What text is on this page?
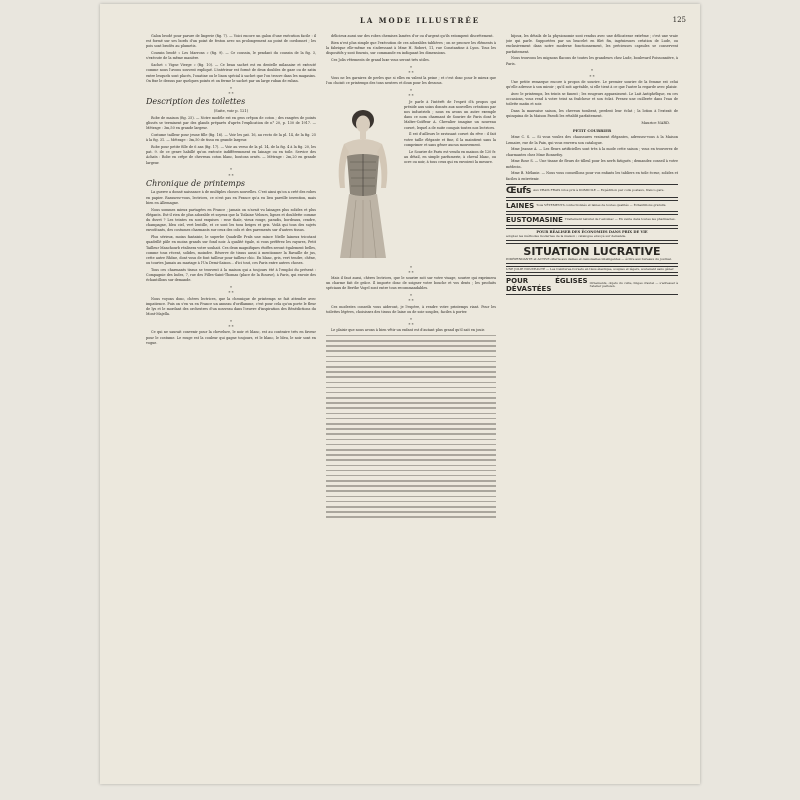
LA MODE ILLUSTRÉE	125

Galon brodé pour parure de lingerie (fig. 7). — Voici encore un galon d'une exécution facile : il est formé sur ses bords d'un point de feston avec un prolongement au point de cordonnet ; les pois sont brodés au plumetis.

Coussin brodé « Les Marrons » (fig. 9). — Ce coussin, le pendant du coussin de la fig. 3, s'exécute de la même manière.

Sachet « Vigne Vierge » (fig. 10). — Ce beau sachet est en dentelle milanaise et exécuté comme nous l'avons souvent expliqué. L'intérieur est formé de deux doubles de gaze ou de satin entre lesquels sont placés, l'ouatine ou le linon spécial à sachet que l'on trouve dans les magasins. On fixe le dessus par quelques points et on ferme le sachet par un large ruban de ruban.

*
* *

Description des toilettes

(Suite, voir p. 121)

Robe de maison (fig. 25). — Notre modèle est en gros crêpon de coton ; des rangées de points glissés se terminent par des glands préparés d'après l'explication de n° 20, p. 130 de 1917. — Métrage : 3m,50 en grande largeur.

Costume tailleur pour jeune fille (fig. 16). — Voir les pat. 16, au recto de la pl. 14, de la fig. 25 à la fig. 31. — Métrage : 3m,50 de tissu en grande largeur.

Robe pour petite fille de 6 ans (fig. 17). — Voir au verso de la pl. 14, de la fig. 4 à la fig. 20, les pat. 9. de ce genre habillé qu'on exécute indifféremment en lainage ou en toile. Service des Achats : Robe en crêpe de chevreau coton blanc, boutons ornés. — Métrage : 2m,20 en grande largeur.

*
* *

Chronique de printemps

La guerre a donné naissance à de multiples choses nouvelles. C'est ainsi qu'on a créé des robes en papier. Rassurez-vous, lectrices, ce n'est pas en France qu'a eu lieu pareille invention, mais bien en Allemagne.

Nous sommes mieux partagées en France ; jamais on n'avait vu lainages plus solides et plus élégants. Est-il rien de plus adorable et soyeux que la Toilaine Velours, lignes et doublette comme du duvet ? Les teintes en sont exquises : rose thaïe, vieux rouge, paradis, bordeaux, cendre, champagne, bleu ciel, vert lentille, et ce sont les tons beiges et gris. Voilà qui tous des sujets envoûtants, des costumes charmants sur ceux des cols et des parements sur d'autres tissus.

Plus sérieux, moins fantaisie, le superbe Quadrille Fraîs une mince Nielle laineux tricotant quadrillé pâle en moins grands sur fond noir. À qualité égale, si vous préférez les rayures, Petit Tailleur Manchourb réalisera votre souhait. Ces deux magnifiques étoffes seront également belles, comme tous récent, solides, moindre. Réserve de tissus aussi à mentionner la Ravaille de jus, cette autre Rhône, dont vous de font tailleur pour tailleur chic. En blanc, gris, vert tendre, chêne, ou tourtes Jamais au mariage à l'Un Demi-Saison... d'ici tout, ces Paris entre autres choses.

Tous ces charmants tissus se trouvent à la maison qui a toujours été à l'emploi du présent : Compagnie des Indes, 7, rue des Filles-Saint-Thomas (place de la Bourse), à Paris, qui envoie des échantillons sur demande.

*
* *

Nous voyons donc, chères lectrices, que la chronique de printemps se fait attendre avec impatience. Puis on s'en va en France un anneau d'oriflamme, c'est pour cela qu'on porte le fleur de lys et le mordant des orchestres d'un nouveau dans l'œuvre d'inspiration des Bénédictions du Mont-Majella.

*
* *

Ce qui ne saurait convenir pour la chevelure, le noir et blanc, est au contraire très en faveur pour le costume. Le rouge est la couleur qui gagne toujours, et le blanc, le bleu, le noir sont en vogue.

délicieux aussi sur des robes chemises lamées d'or ou d'argent qu'ils estompent discrètement.

Bien n'est plus simple que l'exécution de ces adorables tablières ; on se procure les éléments à la fabrique elle-même en s'adressant à Mme H. Robert, 11, rue Constantine à Lyon. Tous les dispositifs y sont fournis, sur commande en indiquant les dimensions.

Ces Jolis vêtements de grand luxe vous seront très utiles.

*
* *

Vous ne les garnirez de perles que si elles en valent la peine ; et c'est donc pour le mieux que l'on choisit ce printemps des tons neutres et doux pour les dessous.

*
* *

Je parle à l'intérêt de l'esprit d'à propos qui préside aux soins donnés aux nouvelles créations par nos industriels ; nous en avons un autre exemple dans ce nom charmant de Sourire de Paris dont le Maître-Coiffeur A. Chevalier imagine un nouveau corset, lequel a de suite conquis toutes nos lectrices.

Il est d'ailleurs le ravissant corset du rêve : il fait votre taille élégante et fine, il la maintient sans la comprimer et sans gêner aucun mouvement.

Le Sourire de Paris est vendu en maison de 120 fr. au détail, en simple parfumerie, à cheval blanc, ou ocre ou noir, à tous ceux qui en envoient la mesure.

*
* *

Mais il faut aussi, chères lectrices, que le sourire soit sur votre visage, sourire qui exprimera un charme fait de grâce. Il importe donc de soigner votre bouche et vos dents ; les produits spéciaux de Berthe Vogel sont entre tous recommandables.

*
* *

Ces modestes conseils vous aideront, je l'espère, à rendre votre printemps riant. Pour les toilettes légères, choisissez des tissus de laine ou de soie souples, faciles à porter.

*
* *

Le plaisir que nous avons à bien vêtir un enfant est d'autant plus grand qu'il sait en jouir.

bijoux, les détails de la physionomie sont rendus avec une délicatesse extrême ; c'est une vraie joie qui parle. Supportées par un bracelet en filet fin, ingénieuses création de Lude, ou exclusivement dans notre moderne fonctionnement, les précieuses capsules se conservent parfaitement.

Nous trouvons les mignons flacons de toutes les grandeurs chez Lude, boulevard Poissonnière, à Paris.

*
* *

Une petite remarque encore à propos de sourire. Le premier sourire de la femme est celui qu'elle adresse à son miroir ; qu'il soit agréable, si elle tient à ce que l'autre la regarde avec plaisir.

Avec le printemps, les teints se fanent ; les rougeurs apparaissent. Le Lait Antiphélique, en ces occasions, vous rend à votre teint sa fraîcheur et son éclat. Prenez une cuillerée dans l'eau de toilette matin et soir.

Dans la mauvaise saison, les cheveux tombent, perdent leur éclat ; la lotion à l'extrait de quinquina de la Maison Parodi les rétablit parfaitement.

Maurice NARD.
PETIT COURRIER

Mme C. S. — Si vous voulez des chaussures vraiment élégantes, adressez-vous à la Maison Lemaire, rue de la Paix, qui vous enverra son catalogue.

Mme Jeanne A. — Les fleurs artificielles sont très à la mode cette saison ; vous en trouverez de charmantes chez Mme Bonnefoy.

Mme Rose S. — Une tisane de fleurs de tilleul pour les nerfs fatigués ; demandez conseil à votre médecin.

Mme B. Mélanie. — Nous vous conseillons pour vos enfants les tabliers en toile écrue, solides et faciles à entretenir.

Œufs Aux VRAIS FRAIS Gros prix à DOMICILE — Expédition par colis postaux, franco gare.
LAINES Tous VÊTEMENTS confectionnés et laines de toutes qualités — Échantillons gratuits.
EUSTOMASINE Traitement naturel de l'estomac — En vente dans toutes les pharmacies.
POUR RÉALISER DES ÉCONOMIES DANS PRIX DE VIE
adoptez les méthodes modernes de la maison ; catalogue envoyé sur demande.
SITUATION LUCRATIVE
INDÉPENDANTE et ACTIVE offerte aux dames et demoiselles intelligentes — écrire aux bureaux du journal.
UNE JOLIE NOUVEAUTÉ — Les Ceintures-Corsets en tissu élastique, souples et légers, soutenant sans gêner.
POUR ÉGLISES DÉVASTÉES
Ornements, objets du culte, linges d'autel — s'adresser à l'atelier parisien.
